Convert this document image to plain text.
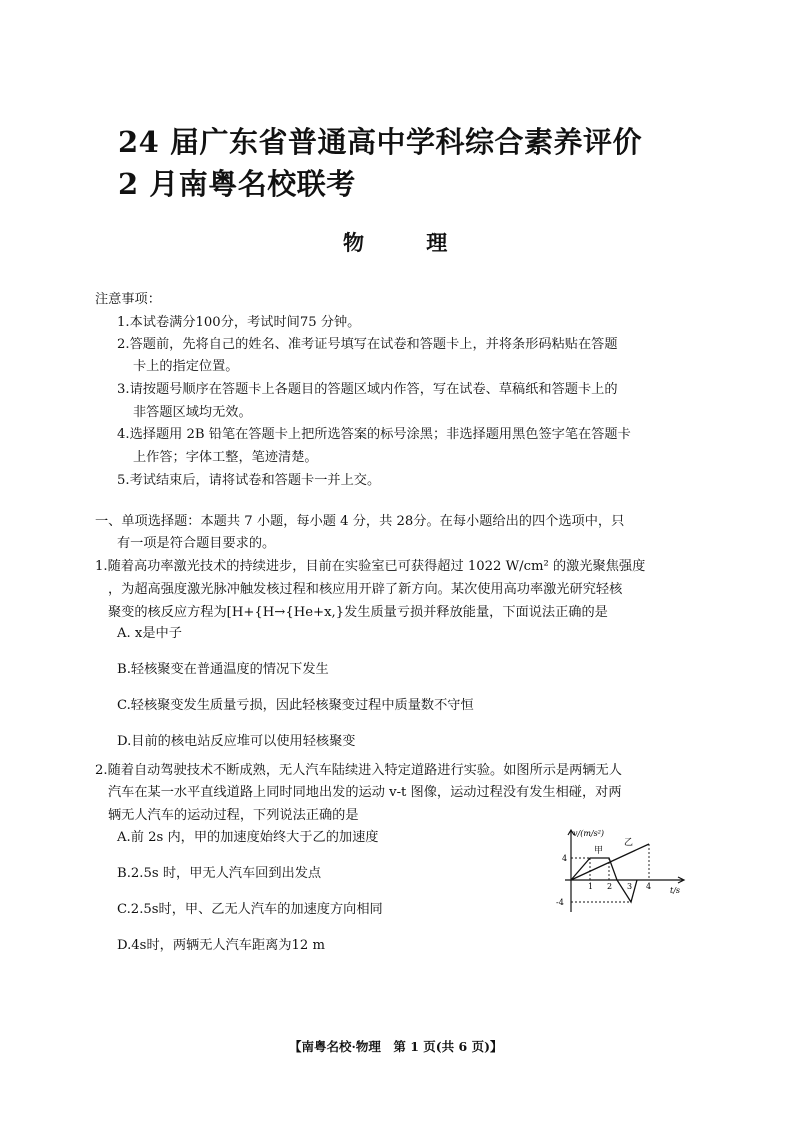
24 届广东省普通高中学科综合素养评价
2 月南粤名校联考
物 理
注意事项：
1.本试卷满分100分，考试时间75 分钟。
2.答题前，先将自己的姓名、准考证号填写在试卷和答题卡上，并将条形码粘贴在答题
卡上的指定位置。
3.请按题号顺序在答题卡上各题目的答题区域内作答，写在试卷、草稿纸和答题卡上的
非答题区域均无效。
4.选择题用 2B 铅笔在答题卡上把所选答案的标号涂黑；非选择题用黑色签字笔在答题卡
上作答；字体工整，笔迹清楚。
5.考试结束后，请将试卷和答题卡一并上交。
一、单项选择题：本题共 7 小题，每小题 4 分，共 28分。在每小题给出的四个选项中，只
有一项是符合题目要求的。
1.随着高功率激光技术的持续进步，目前在实验室已可获得超过 1022 W/cm² 的激光聚焦强度
，为超高强度激光脉冲触发核过程和核应用开辟了新方向。某次使用高功率激光研究轻核
聚变的核反应方程为[H+{H→{He+x,}发生质量亏损并释放能量，下面说法正确的是
A. x是中子
B.轻核聚变在普通温度的情况下发生
C.轻核聚变发生质量亏损，因此轻核聚变过程中质量数不守恒
D.目前的核电站反应堆可以使用轻核聚变
2.随着自动驾驶技术不断成熟，无人汽车陆续进入特定道路进行实验。如图所示是两辆无人
汽车在某一水平直线道路上同时同地出发的运动 v-t 图像，运动过程没有发生相碰，对两
辆无人汽车的运动过程，下列说法正确的是
A.前 2s 内，甲的加速度始终大于乙的加速度
B.2.5s 时，甲无人汽车回到出发点
C.2.5s时，甲、乙无人汽车的加速度方向相同
D.4s时，两辆无人汽车距离为12 m
v/(m/s²)
t/s
4
-4
甲
乙
1 2 3 4
【南粤名校·物理　第 1 页(共 6 页)】
